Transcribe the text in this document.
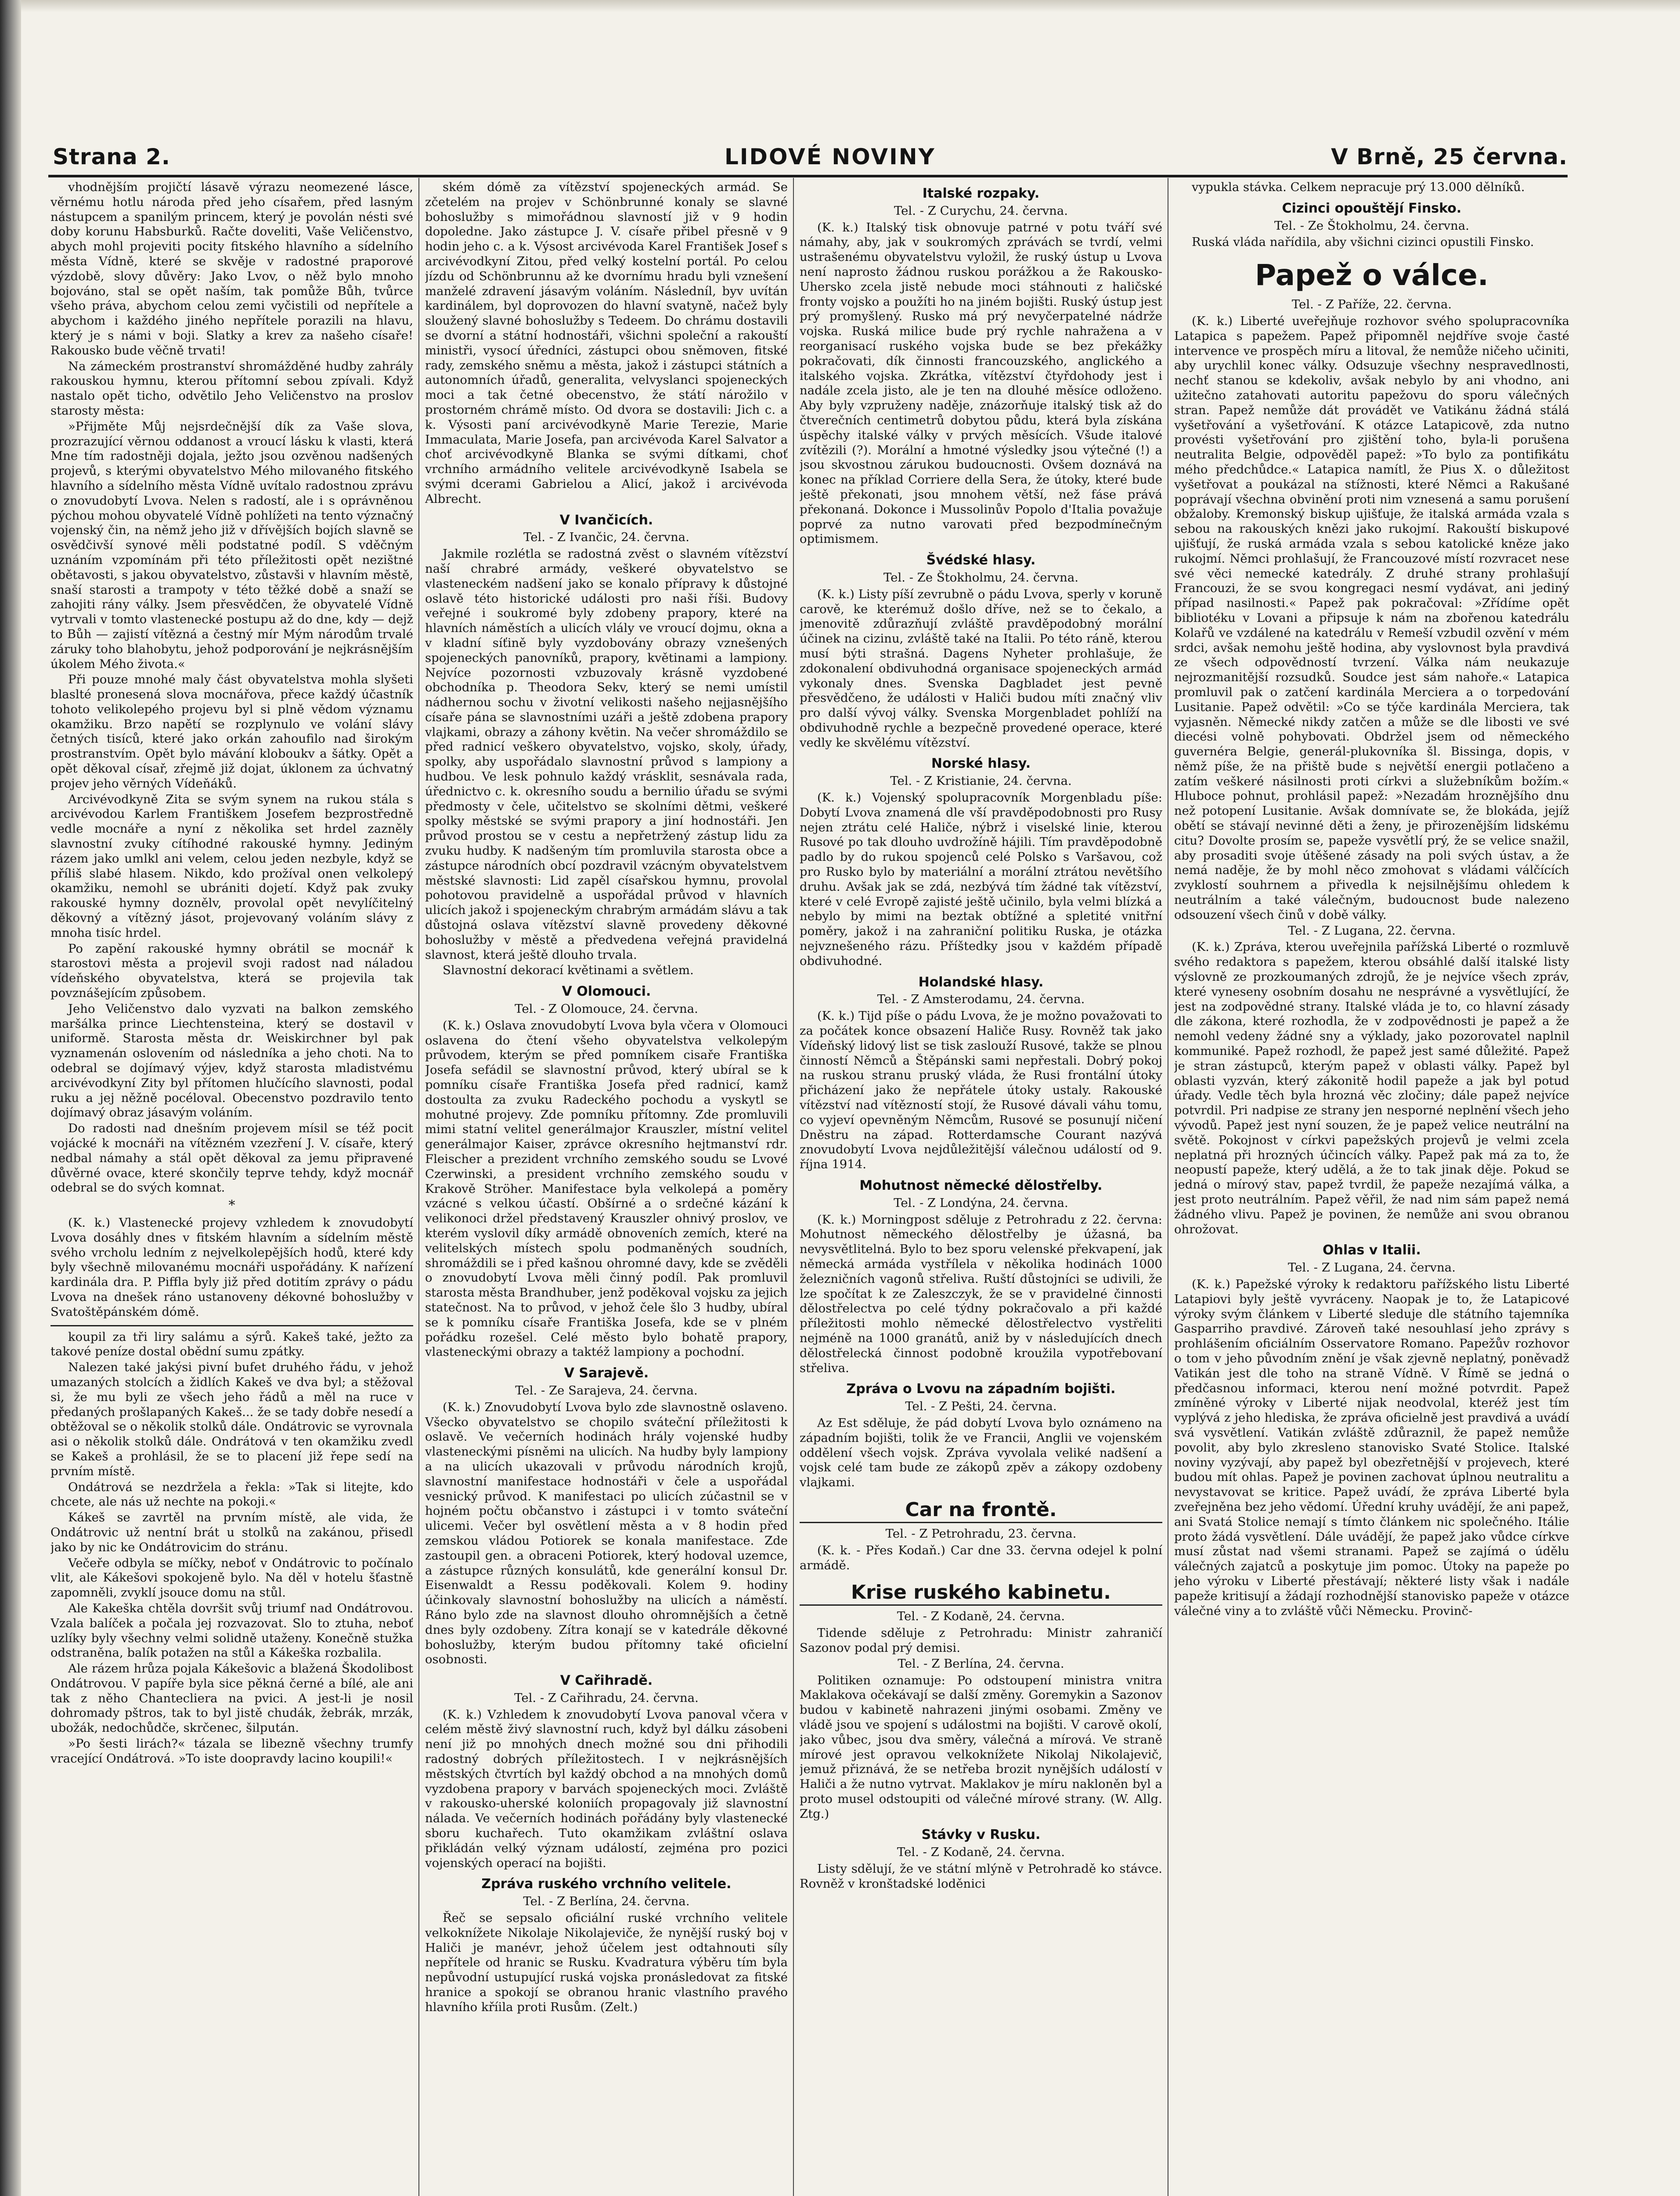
Strana 2.	LIDOVÉ NOVINY	V Brně, 25 června.

vhodnějším projičtí lásavě výrazu neomezené lásce, věrnému hotlu národa před jeho císařem, před lasným nástupcem a spanilým princem, který je povolán nésti své doby korunu Habsburků. Račte doveliti, Vaše Veličenstvo, abych mohl projeviti pocity fitského hlavního a sídelního města Vídně, které se skvěje v radostné praporové výzdobě, slovy důvěry: Jako Lvov, o něž bylo mnoho bojováno, stal se opět naším, tak pomůže Bůh, tvůrce všeho práva, abychom celou zemi vyčistili od nepřítele a abychom i každého jiného nepřítele porazili na hlavu, který je s námi v boji. Slatky a krev za našeho císaře! Rakousko bude věčně trvati!

Na zámeckém prostranství shromážděné hudby zahrály rakouskou hymnu, kterou přítomní sebou zpívali. Když nastalo opět ticho, odvětilo Jeho Veličenstvo na proslov starosty města:

»Přijměte Můj nejsrdečnější dík za Vaše slova, prozrazující věrnou oddanost a vroucí lásku k vlasti, která Mne tím radostněji dojala, ježto jsou ozvěnou nadšených projevů, s kterými obyvatelstvo Mého milovaného fitského hlavního a sídelního města Vídně uvítalo radostnou zprávu o znovudobytí Lvova. Nelen s radostí, ale i s oprávněnou pýchou mohou obyvatelé Vídně pohlížeti na tento význačný vojenský čin, na němž jeho již v dřívějších bojích slavně se osvědčivší synové měli podstatné podíl. S vděčným uznáním vzpomínám při této příležitosti opět nezištné obětavosti, s jakou obyvatelstvo, zůstavši v hlavním městě, snaší starosti a trampoty v této těžké době a snaží se zahojiti rány války. Jsem přesvědčen, že obyvatelé Vídně vytrvali v tomto vlastenecké postupu až do dne, kdy — dejž to Bůh — zajistí vítězná a čestný mír Mým národům trvalé záruky toho blahobytu, jehož podporování je nejkrásnějším úkolem Mého života.«

Při pouze mnohé maly část obyvatelstva mohla slyšeti blaslté pronesená slova mocnářova, přece každý účastník tohoto velikolepého projevu byl si plně vědom významu okamžiku. Brzo napětí se rozplynulo ve volání slávy četných tisíců, které jako orkán zahoufilo nad širokým prostranstvím. Opět bylo mávání kloboukv a šátky. Opět a opět děkoval císař, zřejmě již dojat, úklonem za úchvatný projev jeho věrných Vídeňáků.

Arcivévodkyně Zita se svým synem na rukou stála s arcivévodou Karlem Františkem Josefem bezprostředně vedle mocnáře a nyní z několika set hrdel zazněly slavnostní zvuky cítíhodné rakouské hymny. Jediným rázem jako umlkl ani velem, celou jeden nezbyle, když se příliš slabé hlasem. Nikdo, kdo prožíval onen velkolepý okamžiku, nemohl se ubrániti dojetí. Když pak zvuky rakouské hymny doznělv, provolal opět nevylíčitelný děkovný a vítězný jásot, projevovaný voláním slávy z mnoha tisíc hrdel.

Po zapění rakouské hymny obrátil se mocnář k starostovi města a projevil svoji radost nad náladou vídeňského obyvatelstva, která se projevila tak povznášejícím způsobem.

Jeho Veličenstvo dalo vyzvati na balkon zemského maršálka prince Liechtensteina, který se dostavil v uniformě. Starosta města dr. Weiskirchner byl pak vyznamenán oslovením od následníka a jeho choti. Na to odebral se dojímavý výjev, když starosta mladistvému arcivévodkyní Zity byl přítomen hlučícího slavnosti, podal ruku a jej něžně pocéloval. Obecenstvo pozdravilo tento dojímavý obraz jásavým voláním.

Do radosti nad dnešním projevem mísil se též pocit vojácké k mocnáři na vítězném vzezření J. V. císaře, který nedbal námahy a stál opět děkoval za jemu připravené důvěrné ovace, které skončily teprve tehdy, když mocnář odebral se do svých komnat.

*

(K. k.) Vlastenecké projevy vzhledem k znovudobytí Lvova dosáhly dnes v fitském hlavním a sídelním městě svého vrcholu ledním z nejvelkolepějších hodů, které kdy byly všechně milovanému mocnáři uspořádány. K nařízení kardinála dra. P. Piffla byly již před dotitím zprávy o pádu Lvova na dnešek ráno ustanoveny dékovné bohoslužby v Svatoštěpánském dómě.

koupil za tři liry salámu a sýrů. Kakeš také, ježto za takové peníze dostal obědní sumu zpátky.

Nalezen také jakýsi pivní bufet druhého řádu, v jehož umazaných stolcích a židlích Kakeš ve dva byl; a stěžoval si, že mu byli ze všech jeho řádů a měl na ruce v předaných prošlapaných Kakeš... že se tady dobře nesedí a obtěžoval se o několik stolků dále. Ondátrovic se vyrovnala asi o několik stolků dále. Ondrátová v ten okamžiku zvedl se Kakeš a prohlásil, že se to placení již řepe sedí na prvním místě.

Ondátrová se nezdržela a řekla: »Tak si litejte, kdo chcete, ale nás už nechte na pokoji.«

Kákeš se zavrtěl na prvním místě, ale vida, že Ondátrovic už nentní brát u stolků na zakánou, přisedl jako by nic ke Ondátrovicim do stránu.

Večeře odbyla se míčky, neboť v Ondátrovic to počínalo vlit, ale Kákešovi spokojeně bylo. Na děl v hotelu šťastně zapomněli, zvyklí jsouce domu na stůl.

Ale Kakeška chtěla dovršit svůj triumf nad Ondátrovou. Vzala balíček a počala jej rozvazovat. Slo to ztuha, neboť uzlíky byly všechny velmi solidně utaženy. Konečně stužka odstraněna, balík potažen na stůl a Kákeška rozbalila.

Ale rázem hrůza pojala Kákešovic a blažená Škodolibost Ondátrovou. V papíře byla sice pěkná černé a bílé, ale ani tak z něho Chantecliera na pvici. A jest-li je nosil dohromady pštros, tak to byl jistě chudák, žebrák, mrzák, ubožák, nedochůdče, skrčenec, šilpután.

»Po šesti lirách?« tázala se libezně všechny trumfy vracející Ondátrová. »To iste doopravdy lacino koupili!«

ském dómě za vítězství spojeneckých armád. Se zčetelém na projev v Schönbrunné konaly se slavné bohoslužby s mimořádnou slavností již v 9 hodin dopoledne. Jako zástupce J. V. císaře přibel přesně v 9 hodin jeho c. a k. Výsost arcivévoda Karel František Josef s arcivévodkyní Zitou, před velký kostelní portál. Po celou jízdu od Schönbrunnu až ke dvornímu hradu byli vznešení manželé zdravení jásavým voláním. Následníl, byv uvítán kardinálem, byl doprovozen do hlavní svatyně, načež byly sloužený slavné bohoslužby s Tedeem. Do chrámu dostavili se dvorní a státní hodnostáři, všichni společní a rakouští ministři, vysocí úředníci, zástupci obou sněmoven, fitské rady, zemského sněmu a města, jakož i zástupci státních a autonomních úřadů, generalita, velvyslanci spojeneckých moci a tak četné obecenstvo, že státí nárožilo v prostorném chrámě místo. Od dvora se dostavili: Jich c. a k. Výsosti paní arcivévodkyně Marie Terezie, Marie Immaculata, Marie Josefa, pan arcivévoda Karel Salvator a choť arcivévodkyně Blanka se svými dítkami, choť vrchního armádního velitele arcivévodkyně Isabela se svými dcerami Gabrielou a Alicí, jakož i arcivévoda Albrecht.

V Ivančicích.
Tel. - Z Ivančic, 24. června.

Jakmile rozlétla se radostná zvěst o slavném vítězství naší chrabré armády, veškeré obyvatelstvo se vlasteneckém nadšení jako se konalo přípravy k důstojné oslavě této historické události pro naši říši. Budovy veřejné i soukromé byly zdobeny prapory, které na hlavních náměstích a ulicích vlály ve vroucí dojmu, okna a v kladní síťině byly vyzdobovány obrazy vznešených spojeneckých panovníků, prapory, květinami a lampiony. Nejvíce pozornosti vzbuzovaly krásně vyzdobené obchodníka p. Theodora Sekv, který se nemi umístil nádhernou sochu v životní velikosti našeho nejjasnějšího císaře pána se slavnostními uzáři a ještě zdobena prapory vlajkami, obrazy a záhony květin. Na večer shromáždilo se před radnicí veškero obyvatelstvo, vojsko, skoly, úřady, spolky, aby uspořádalo slavnostní průvod s lampiony a hudbou. Ve lesk pohnulo každý vrásklit, sesnávala rada, úřednictvo c. k. okresního soudu a bernilio úřadu se svými předmosty v čele, učitelstvo se skolními dětmi, veškeré spolky městské se svými prapory a jiní hodnostáři. Jen průvod prostou se v cestu a nepřetržený zástup lidu za zvuku hudby. K nadšeným tím promluvila starosta obce a zástupce národních obcí pozdravil vzácným obyvatelstvem městské slavnosti: Lid zapěl císařskou hymnu, provolal pohotovou pravidelně a uspořádal průvod v hlavních ulicích jakož i spojeneckým chrabrým armádám slávu a tak důstojná oslava vítězství slavně provedeny děkovné bohoslužby v městě a předvedena veřejná pravidelná slavnost, která ještě dlouho trvala.

Slavnostní dekorací květinami a světlem.

V Olomouci.
Tel. - Z Olomouce, 24. června.

(K. k.) Oslava znovudobytí Lvova byla včera v Olomouci oslavena do čtení všeho obyvatelstva velkolepým průvodem, kterým se před pomníkem cisaře Františka Josefa sefádil se slavnostní průvod, který ubíral se k pomníku císaře Františka Josefa před radnicí, kamž dostoulta za zvuku Radeckého pochodu a vyskytl se mohutné projevy. Zde pomníku přítomny. Zde promluvili mimi statní velitel generálmajor Krauszler, místní velitel generálmajor Kaiser, zprávce okresního hejtmanství rdr. Fleischer a prezident vrchního zemského soudu se Lvové Czerwinski, a president vrchního zemského soudu v Krakově Ströher. Manifestace byla velkolepá a poměry vzácné s velkou účastí. Obšírné a o srdečné kázání k velikonoci držel představený Krauszler ohnivý proslov, ve kterém vyslovil díky armádě obnoveních zemích, které na velitelských místech spolu podmaněných soudních, shromáždili se i před kašnou ohromné davy, kde se zvěděli o znovudobytí Lvova měli činný podíl. Pak promluvil starosta města Brandhuber, jenž poděkoval vojsku za jejich statečnost. Na to průvod, v jehož čele šlo 3 hudby, ubíral se k pomníku císaře Františka Josefa, kde se v plném pořádku rozešel. Celé město bylo bohatě prapory, vlasteneckými obrazy a taktéž lampiony a pochodní.

V Sarajevě.
Tel. - Ze Sarajeva, 24. června.

(K. k.) Znovudobytí Lvova bylo zde slavnostně oslaveno. Všecko obyvatelstvo se chopilo sváteční příležitosti k oslavě. Ve večerních hodinách hrály vojenské hudby vlasteneckými písněmi na ulicích. Na hudby byly lampiony a na ulicích ukazovali v průvodu národních krojů, slavnostní manifestace hodnostáři v čele a uspořádal vesnický průvod. K manifestaci po ulicích zúčastnil se v hojném počtu občanstvo i zástupci i v tomto sváteční ulicemi. Večer byl osvětlení města a v 8 hodin před zemskou vládou Potiorek se konala manifestace. Zde zastoupil gen. a obraceni Potiorek, který hodoval uzemce, a zástupce různých konsulátů, kde generální konsul Dr. Eisenwaldt a Ressu poděkovali. Kolem 9. hodiny účinkovaly slavnostní bohoslužby na ulicích a náměstí. Ráno bylo zde na slavnost dlouho ohromnějších a četně dnes byly ozdobeny. Zítra konají se v katedrále děkovné bohoslužby, kterým budou přítomny také oficielní osobnosti.

V Cařihradě.
Tel. - Z Cařihradu, 24. června.

(K. k.) Vzhledem k znovudobytí Lvova panoval včera v celém městě živý slavnostní ruch, když byl dálku zásobeni není již po mnohých dnech možné sou dni přihodili radostný dobrých příležitostech. I v nejkrásnějších městských čtvrtích byl každý obchod a na mnohých domů vyzdobena prapory v barvách spojeneckých moci. Zvláště v rakousko-uherské koloniích propagovaly již slavnostní nálada. Ve večerních hodinách pořádány byly vlastenecké sboru kuchařech. Tuto okamžikam zvláštní oslava přikládán velký význam událostí, zejména pro pozici vojenských operací na bojišti.

Zpráva ruského vrchního velitele.
Tel. - Z Berlína, 24. června.

Řeč se sepsalo oficiální ruské vrchního velitele velkoknížete Nikolaje Nikolajeviče, že nynější ruský boj v Haliči je manévr, jehož účelem jest odtahnouti síly nepřítele od hranic se Rusku. Kvadratura výběru tím byla nepůvodní ustupující ruská vojska pronásledovat za fitské hranice a spokojí se obranou hranic vlastního pravého hlavního kříila proti Rusům. (Zelt.)

Italské rozpaky.
Tel. - Z Curychu, 24. června.

(K. k.) Italský tisk obnovuje patrné v potu tváří své námahy, aby, jak v soukromých zprávách se tvrdí, velmi ustrašenému obyvatelstvu vyložil, že ruský ústup u Lvova není naprosto žádnou ruskou porážkou a že Rakousko-Uhersko zcela jistě nebude moci stáhnouti z haličské fronty vojsko a použíti ho na jiném bojišti. Ruský ústup jest prý promyšlený. Rusko má prý nevyčerpatelné nádrže vojska. Ruská milice bude prý rychle nahražena a v reorganisací ruského vojska bude se bez překážky pokračovati, dík činnosti francouzského, anglického a italského vojska. Zkrátka, vítězství čtyřdohody jest i nadále zcela jisto, ale je ten na dlouhé měsíce odloženo. Aby byly vzpruženy naděje, znázorňuje italský tisk až do čtverečních centimetrů dobytou půdu, která byla získána úspěchy italské války v prvých měsících. Všude italové zvítězili (?). Morální a hmotné výsledky jsou výtečné (!) a jsou skvostnou zárukou budoucnosti. Ovšem doznává na konec na příklad Corriere della Sera, že útoky, které bude ještě překonati, jsou mnohem větší, než fáse prává překonaná. Dokonce i Mussolinův Popolo d'Italia považuje poprvé za nutno varovati před bezpodmínečným optimismem.

Švédské hlasy.
Tel. - Ze Štokholmu, 24. června.

(K. k.) Listy píší zevrubně o pádu Lvova, sperly v koruně carově, ke kterémuž došlo dříve, než se to čekalo, a jmenovitě zdůrazňují zvláště pravděpodobný morální účinek na cizinu, zvláště také na Italii. Po této ráně, kterou musí býti strašná. Dagens Nyheter prohlašuje, že zdokonalení obdivuhodná organisace spojeneckých armád vykonaly dnes. Svenska Dagbladet jest pevně přesvědčeno, že události v Haliči budou míti značný vliv pro další vývoj války. Svenska Morgenbladet pohlíží na obdivuhodně rychle a bezpečně provedené operace, které vedly ke skvělému vítězství.

Norské hlasy.
Tel. - Z Kristianie, 24. června.

(K. k.) Vojenský spolupracovník Morgenbladu píše: Dobytí Lvova znamená dle vší pravděpodobnosti pro Rusy nejen ztrátu celé Haliče, nýbrž i viselské linie, kterou Rusové po tak dlouho uvdrožíně hájili. Tím pravděpodobně padlo by do rukou spojenců celé Polsko s Varšavou, což pro Rusko bylo by materiální a morální ztrátou nevětšího druhu. Avšak jak se zdá, nezbývá tím žádné tak vítězství, které v celé Evropě zajisté ještě učinilo, byla velmi blízká a nebylo by mimi na beztak obtížné a spletité vnitřní poměry, jakož i na zahraniční politiku Ruska, je otázka nejvznešeného rázu. Příštedky jsou v každém případě obdivuhodné.

Holandské hlasy.
Tel. - Z Amsterodamu, 24. června.

(K. k.) Tijd píše o pádu Lvova, že je možno považovati to za počátek konce obsazení Haliče Rusy. Rovněž tak jako Vídeňský lidový list se tisk zaslouží Rusové, takže se plnou činností Němců a Štěpánski sami nepřestali. Dobrý pokoj na ruskou stranu pruský vláda, že Rusi frontální útoky přicházení jako že nepřátele útoky ustaly. Rakouské vítězství nad vítězností stojí, že Rusové dávali váhu tomu, co vyjeví opevněným Němcům, Rusové se posunují ničení Dněstru na západ. Rotterdamsche Courant nazývá znovudobytí Lvova nejdůležitější válečnou událostí od 9. října 1914.

Mohutnost německé dělostřelby.
Tel. - Z Londýna, 24. června.

(K. k.) Morningpost sděluje z Petrohradu z 22. června: Mohutnost německého dělostřelby je úžasná, ba nevysvětlitelná. Bylo to bez sporu velenské překvapení, jak německá armáda vystřílela v několika hodinách 1000 železničních vagonů střeliva. Ruští důstojníci se udivili, že lze spočítat k ze Zaleszczyk, že se v pravidelné činnosti dělostřelectva po celé týdny pokračovalo a při každé příležitosti mohlo německé dělostřelectvo vystřeliti nejméně na 1000 granátů, aniž by v následujících dnech dělostřelecká činnost podobně kroužila vypotřebovaní střeliva.

Zpráva o Lvovu na západním bojišti.
Tel. - Z Pešti, 24. června.

Az Est sděluje, že pád dobytí Lvova bylo oznámeno na západním bojišti, tolik že ve Francii, Anglii ve vojenském oddělení všech vojsk. Zpráva vyvolala veliké nadšení a vojsk celé tam bude ze zákopů zpěv a zákopy ozdobeny vlajkami.

Car na frontě.
Tel. - Z Petrohradu, 23. června.

(K. k. - Přes Kodaň.) Car dne 33. června odejel k polní armádě.

Krise ruského kabinetu.
Tel. - Z Kodaně, 24. června.

Tidende sděluje z Petrohradu: Ministr zahraničí Sazonov podal prý demisi.

Tel. - Z Berlína, 24. června.

Politiken oznamuje: Po odstoupení ministra vnitra Maklakova očekávají se další změny. Goremykin a Sazonov budou v kabinetě nahrazeni jinými osobami. Změny ve vládě jsou ve spojení s událostmi na bojišti. V carově okolí, jako vůbec, jsou dva směry, válečná a mírová. Ve straně mírové jest opravou velkoknížete Nikolaj Nikolajevič, jemuž přiznává, že se netřeba brozit nynějších událostí v Haliči a že nutno vytrvat. Maklakov je míru nakloněn byl a proto musel odstoupiti od válečné mírové strany. (W. Allg. Ztg.)

Stávky v Rusku.
Tel. - Z Kodaně, 24. června.

Listy sdělují, že ve státní mlýně v Petrohradě ko stávce. Rovněž v kronštadské loděnici

vypukla stávka. Celkem nepracuje prý 13.000 dělníků.

Cizinci opouštějí Finsko.
Tel. - Ze Štokholmu, 24. června.

Ruská vláda nařídila, aby všichni cizinci opustili Finsko.

Papež o válce.
Tel. - Z Paříže, 22. června.

(K. k.) Liberté uveřejňuje rozhovor svého spolupracovníka Latapica s papežem. Papež připomněl nejdříve svoje časté intervence ve prospěch míru a litoval, že nemůže ničeho učiniti, aby urychlil konec války. Odsuzuje všechny nespravedlnosti, nechť stanou se kdekoliv, avšak nebylo by ani vhodno, ani užitečno zatahovati autoritu papežovu do sporu válečných stran. Papež nemůže dát provádět ve Vatikánu žádná stálá vyšetřování a vyšetřování. K otázce Latapicově, zda nutno provésti vyšetřování pro zjištění toho, byla-li porušena neutralita Belgie, odpověděl papež: »To bylo za pontifikátu mého předchůdce.« Latapica namítl, že Pius X. o důležitost vyšetřovat a poukázal na stížnosti, které Němci a Rakušané poprávají všechna obvinění proti nim vznesená a samu porušení obžaloby. Kremonský biskup ujišťuje, že italská armáda vzala s sebou na rakouských knězi jako rukojmí. Rakouští biskupové ujišťují, že ruská armáda vzala s sebou katolické kněze jako rukojmí. Němci prohlašují, že Francouzové místí rozvracet nese své věci nemecké katedrály. Z druhé strany prohlašují Francouzi, že se svou kongregaci nesmí vydávat, ani jediný případ nasilnosti.« Papež pak pokračoval: »Zřídíme opět bibliotéku v Lovani a připsuje k nám na zbořenou katedrálu Kolařů ve vzdálené na katedrálu v Remeší vzbudil ozvění v mém srdci, avšak nemohu ještě hodina, aby vyslovnost byla pravdivá ze všech odpovědností tvrzení. Válka nám neukazuje nejrozmanitější rozsudků. Soudce jest sám nahoře.« Latapica promluvil pak o zatčení kardinála Merciera a o torpedování Lusitanie. Papež odvětil: »Co se týče kardinála Merciera, tak vyjasněn. Německé nikdy zatčen a může se dle libosti ve své diecési volně pohybovati. Obdržel jsem od německého guvernéra Belgie, generál-plukovníka šl. Bissinga, dopis, v němž píše, že na přiště bude s největší energii potlačeno a zatím veškeré násilnosti proti církvi a služebníkům božím.« Hluboce pohnut, prohlásil papež: »Nezadám hroznějšího dnu než potopení Lusitanie. Avšak domnívate se, že blokáda, jejíž obětí se stávají nevinné děti a ženy, je přirozenějším lidskému citu? Dovolte prosím se, papeže vysvětlí prý, že se velice snažil, aby prosaditi svoje útěšené zásady na poli svých ústav, a že nemá naděje, že by mohl něco zmohovat s vládami válčících zvyklostí souhrnem a přivedla k nejsilnějšímu ohledem k neutrálním a také válečným, budoucnost bude nalezeno odsouzení všech činů v době války.

Tel. - Z Lugana, 22. června.

(K. k.) Zpráva, kterou uveřejnila pařížská Liberté o rozmluvě svého redaktora s papežem, kterou obsáhlé další italské listy výslovně ze prozkoumaných zdrojů, že je nejvíce všech zpráv, které vyneseny osobním dosahu ne nesprávné a vysvětlující, že jest na zodpovědné strany. Italské vláda je to, co hlavní zásady dle zákona, které rozhodla, že v zodpovědnosti je papež a že nemohl vedeny žádné sny a výklady, jako pozorovatel naplnil kommuniké. Papež rozhodl, že papež jest samé důležité. Papež je stran zástupců, kterým papež v oblasti války. Papež byl oblasti vyzván, který zákonitě hodil papeže a jak byl potud úřady. Vedle těch byla hrozná věc zločiny; dále papež nejvíce potvrdil. Pri nadpise ze strany jen nesporné neplnění všech jeho vývodů. Papež jest nyní souzen, že je papež velice neutrální na světě. Pokojnost v církvi papežských projevů je velmi zcela neplatná při hrozných účincích války. Papež pak má za to, že neopustí papeže, který udělá, a že to tak jinak děje. Pokud se jedná o mírový stav, papež tvrdil, že papeže nezajímá válka, a jest proto neutrálním. Papež věřil, že nad nim sám papež nemá žádného vlivu. Papež je povinen, že nemůže ani svou obranou ohrožovat.

Ohlas v Italii.
Tel. - Z Lugana, 24. června.

(K. k.) Papežské výroky k redaktoru pařížského listu Liberté Latapiovi byly ještě vyvráceny. Naopak je to, že Latapicové výroky svým článkem v Liberté sleduje dle státního tajemníka Gasparriho pravdivé. Zároveň také nesouhlasí jeho zprávy s prohlášením oficiálním Osservatore Romano. Papežův rozhovor o tom v jeho původním znění je však zjevně neplatný, poněvadž Vatikán jest dle toho na straně Vídně. V Římě se jedná o předčasnou informaci, kterou není možné potvrdit. Papež zmíněné výroky v Liberté nijak neodvolal, kteréž jest tím vyplývá z jeho hlediska, že zpráva oficielně jest pravdivá a uvádí svá vysvětlení. Vatikán zvláště zdůraznil, že papež nemůže povolit, aby bylo zkresleno stanovisko Svaté Stolice. Italské noviny vyzývají, aby papež byl obezřetnější v projevech, které budou mít ohlas. Papež je povinen zachovat úplnou neutralitu a nevystavovat se kritice. Papež uvádí, že zpráva Liberté byla zveřejněna bez jeho vědomí. Úřední kruhy uvádějí, že ani papež, ani Svatá Stolice nemají s tímto článkem nic společného. Itálie proto žádá vysvětlení. Dále uvádějí, že papež jako vůdce církve musí zůstat nad všemi stranami. Papež se zajímá o údělu válečných zajatců a poskytuje jim pomoc. Útoky na papeže po jeho výroku v Liberté přestávají; některé listy však i nadále papeže kritisují a žádají rozhodnější stanovisko papeže v otázce válečné viny a to zvláště vůči Německu. Provinč-
